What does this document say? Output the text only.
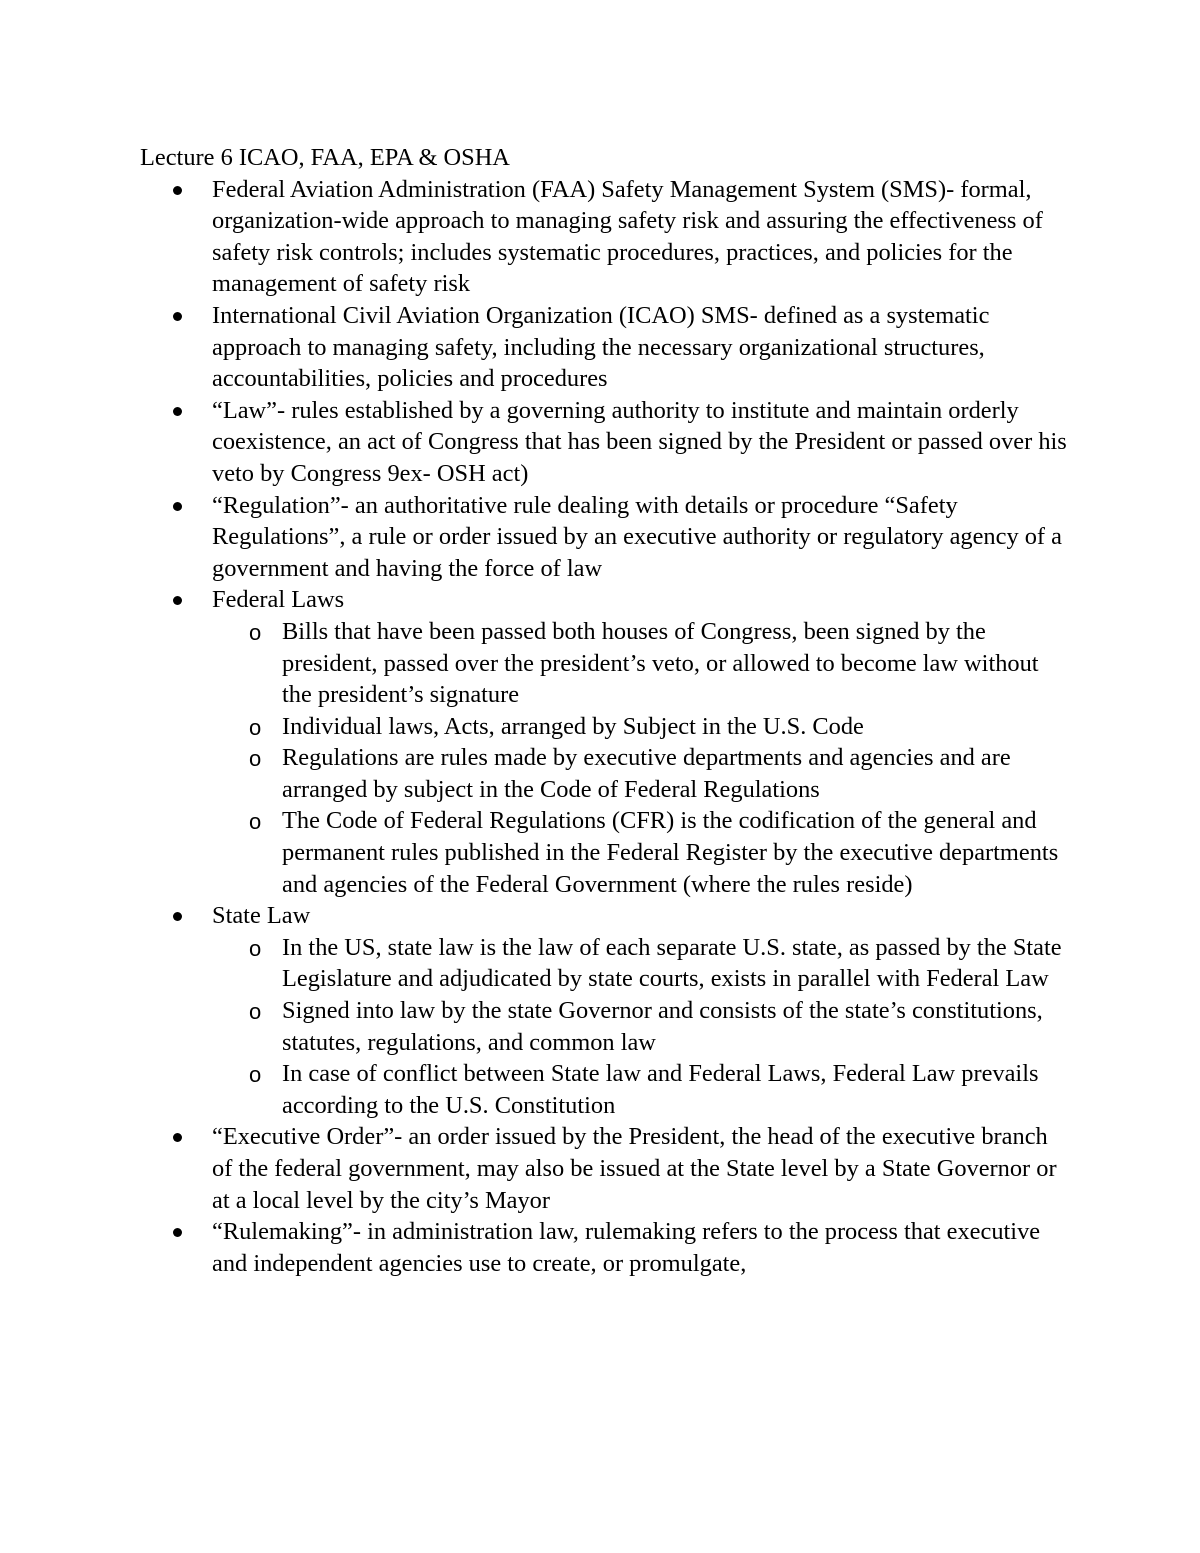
Lecture 6 ICAO, FAA, EPA & OSHA
Federal Aviation Administration (FAA) Safety Management System (SMS)- formal, organization-wide approach to managing safety risk and assuring the effectiveness of safety risk controls; includes systematic procedures, practices, and policies for the management of safety risk
International Civil Aviation Organization (ICAO) SMS- defined as a systematic approach to managing safety, including the necessary organizational structures, accountabilities, policies and procedures
“Law”- rules established by a governing authority to institute and maintain orderly coexistence, an act of Congress that has been signed by the President or passed over his veto by Congress 9ex- OSH act)
“Regulation”- an authoritative rule dealing with details or procedure “Safety Regulations”, a rule or order issued by an executive authority or regulatory agency of a government and having the force of law
Federal Laws
o Bills that have been passed both houses of Congress, been signed by the president, passed over the president’s veto, or allowed to become law without the president’s signature
o Individual laws, Acts, arranged by Subject in the U.S. Code
o Regulations are rules made by executive departments and agencies and are arranged by subject in the Code of Federal Regulations
o The Code of Federal Regulations (CFR) is the codification of the general and permanent rules published in the Federal Register by the executive departments and agencies of the Federal Government (where the rules reside)
State Law
o In the US, state law is the law of each separate U.S. state, as passed by the State Legislature and adjudicated by state courts, exists in parallel with Federal Law
o Signed into law by the state Governor and consists of the state’s constitutions, statutes, regulations, and common law
o In case of conflict between State law and Federal Laws, Federal Law prevails according to the U.S. Constitution
“Executive Order”- an order issued by the President, the head of the executive branch of the federal government, may also be issued at the State level by a State Governor or at a local level by the city’s Mayor
“Rulemaking”- in administration law, rulemaking refers to the process that executive and independent agencies use to create, or promulgate,
